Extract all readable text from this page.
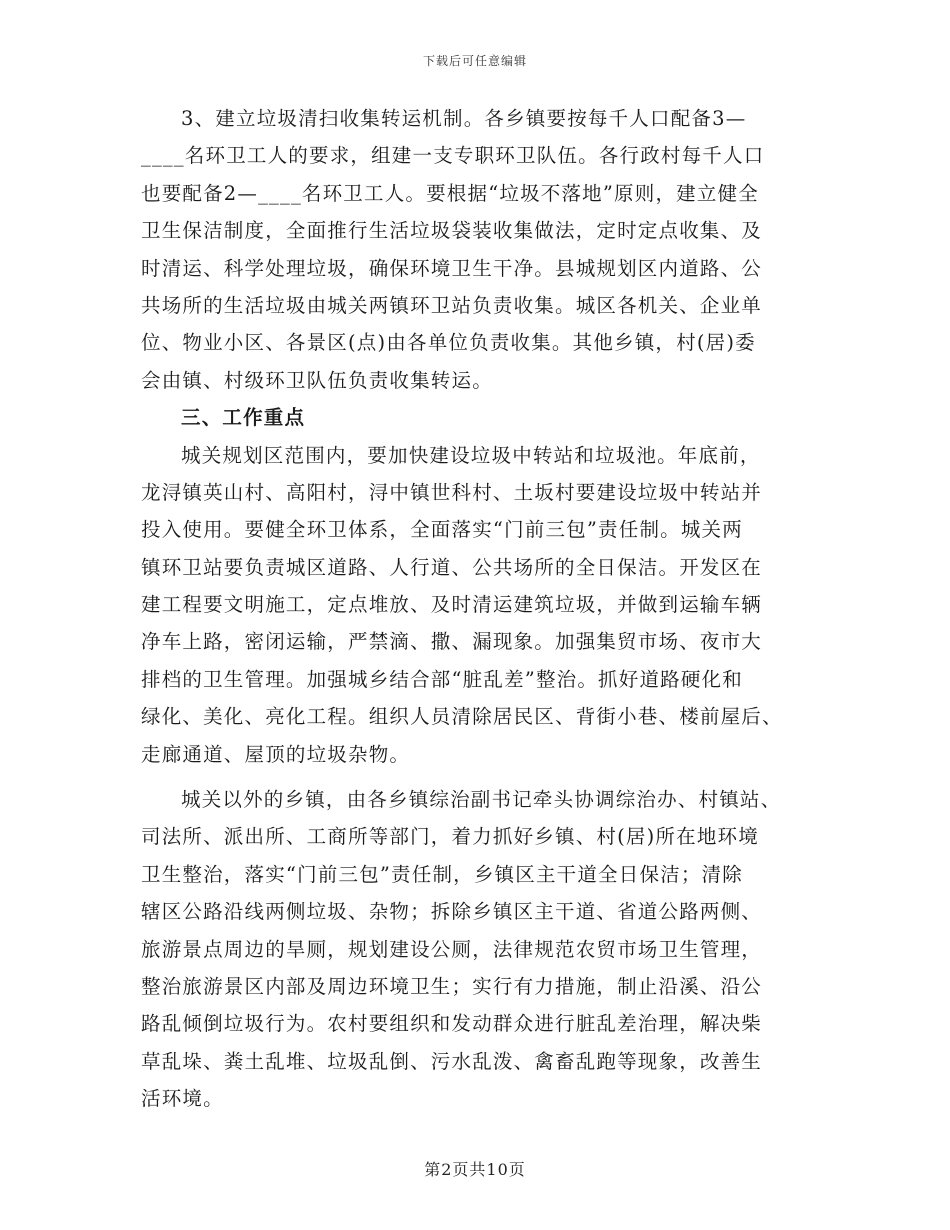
下载后可任意编辑
3、建立垃圾清扫收集转运机制。各乡镇要按每千人口配备3—
____名环卫工人的要求，组建一支专职环卫队伍。各行政村每千人口
也要配备2—____名环卫工人。要根据“垃圾不落地”原则，建立健全
卫生保洁制度，全面推行生活垃圾袋装收集做法，定时定点收集、及
时清运、科学处理垃圾，确保环境卫生干净。县城规划区内道路、公
共场所的生活垃圾由城关两镇环卫站负责收集。城区各机关、企业单
位、物业小区、各景区(点)由各单位负责收集。其他乡镇，村(居)委
会由镇、村级环卫队伍负责收集转运。
三、工作重点
城关规划区范围内，要加快建设垃圾中转站和垃圾池。年底前，
龙浔镇英山村、高阳村，浔中镇世科村、土坂村要建设垃圾中转站并
投入使用。要健全环卫体系，全面落实“门前三包”责任制。城关两
镇环卫站要负责城区道路、人行道、公共场所的全日保洁。开发区在
建工程要文明施工，定点堆放、及时清运建筑垃圾，并做到运输车辆
净车上路，密闭运输，严禁滴、撒、漏现象。加强集贸市场、夜市大
排档的卫生管理。加强城乡结合部“脏乱差”整治。抓好道路硬化和
绿化、美化、亮化工程。组织人员清除居民区、背街小巷、楼前屋后、
走廊通道、屋顶的垃圾杂物。
城关以外的乡镇，由各乡镇综治副书记牵头协调综治办、村镇站、
司法所、派出所、工商所等部门，着力抓好乡镇、村(居)所在地环境
卫生整治，落实“门前三包”责任制，乡镇区主干道全日保洁；清除
辖区公路沿线两侧垃圾、杂物；拆除乡镇区主干道、省道公路两侧、
旅游景点周边的旱厕，规划建设公厕，法律规范农贸市场卫生管理，
整治旅游景区内部及周边环境卫生；实行有力措施，制止沿溪、沿公
路乱倾倒垃圾行为。农村要组织和发动群众进行脏乱差治理，解决柴
草乱垛、粪土乱堆、垃圾乱倒、污水乱泼、禽畜乱跑等现象，改善生
活环境。
第2页共10页
